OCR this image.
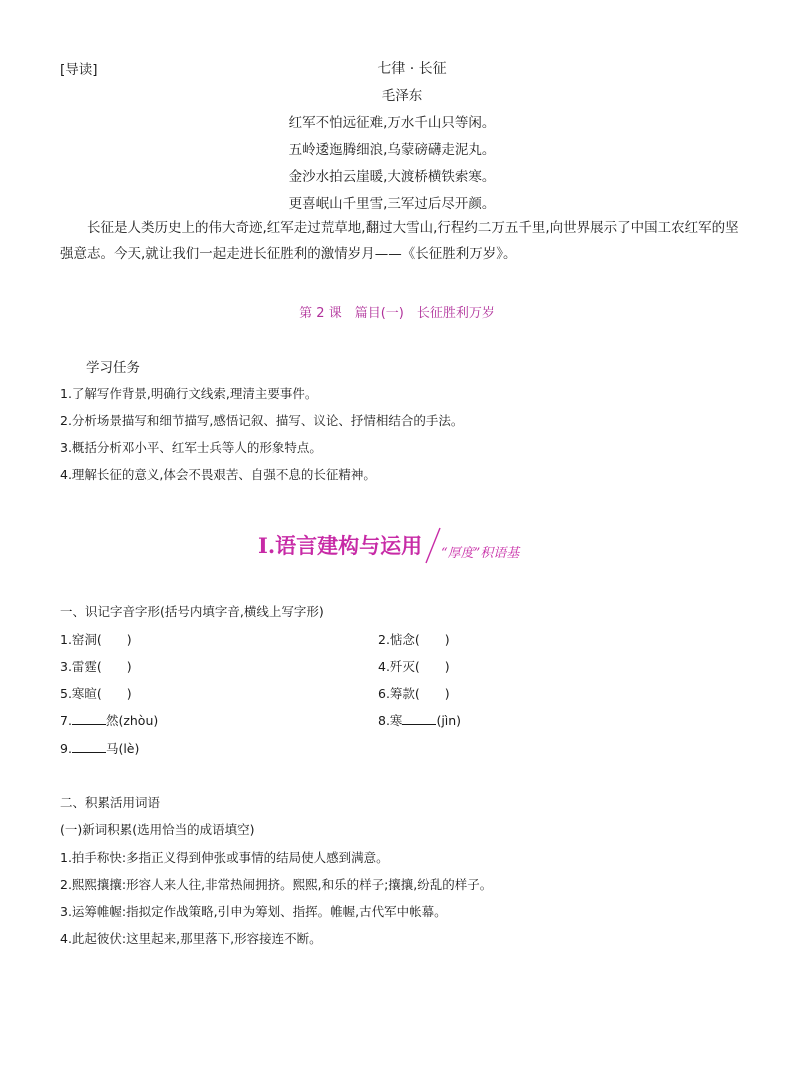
[导读]	七律 · 长征
毛泽东
红军不怕远征难,万水千山只等闲。
五岭逶迤腾细浪,乌蒙磅礴走泥丸。
金沙水拍云崖暖,大渡桥横铁索寒。
更喜岷山千里雪,三军过后尽开颜。
长征是人类历史上的伟大奇迹,红军走过荒草地,翻过大雪山,行程约二万五千里,向世界展示了中国工农红军的坚强意志。今天,就让我们一起走进长征胜利的激情岁月——《长征胜利万岁》。
第 2 课　篇目(一)　长征胜利万岁
学习任务
1.了解写作背景,明确行文线索,理清主要事件。
2.分析场景描写和细节描写,感悟记叙、描写、议论、抒情相结合的手法。
3.概括分析邓小平、红军士兵等人的形象特点。
4.理解长征的意义,体会不畏艰苦、自强不息的长征精神。
I.语言建构与运用 “厚度”积语基
一、识记字音字形(括号内填字音,横线上写字形)
1.窑洞(　　)	2.惦念(　　)
3.雷霆(　　)	4.歼灭(　　)
5.寒暄(　　)	6.筹款(　　)
7.	然(zhòu)	8.寒	(jìn)
9.	马(lè)
二、积累活用词语
(一)新词积累(选用恰当的成语填空)
1.拍手称快:多指正义得到伸张或事情的结局使人感到满意。
2.熙熙攘攘:形容人来人往,非常热闹拥挤。熙熙,和乐的样子;攘攘,纷乱的样子。
3.运筹帷幄:指拟定作战策略,引申为筹划、指挥。帷幄,古代军中帐幕。
4.此起彼伏:这里起来,那里落下,形容接连不断。
